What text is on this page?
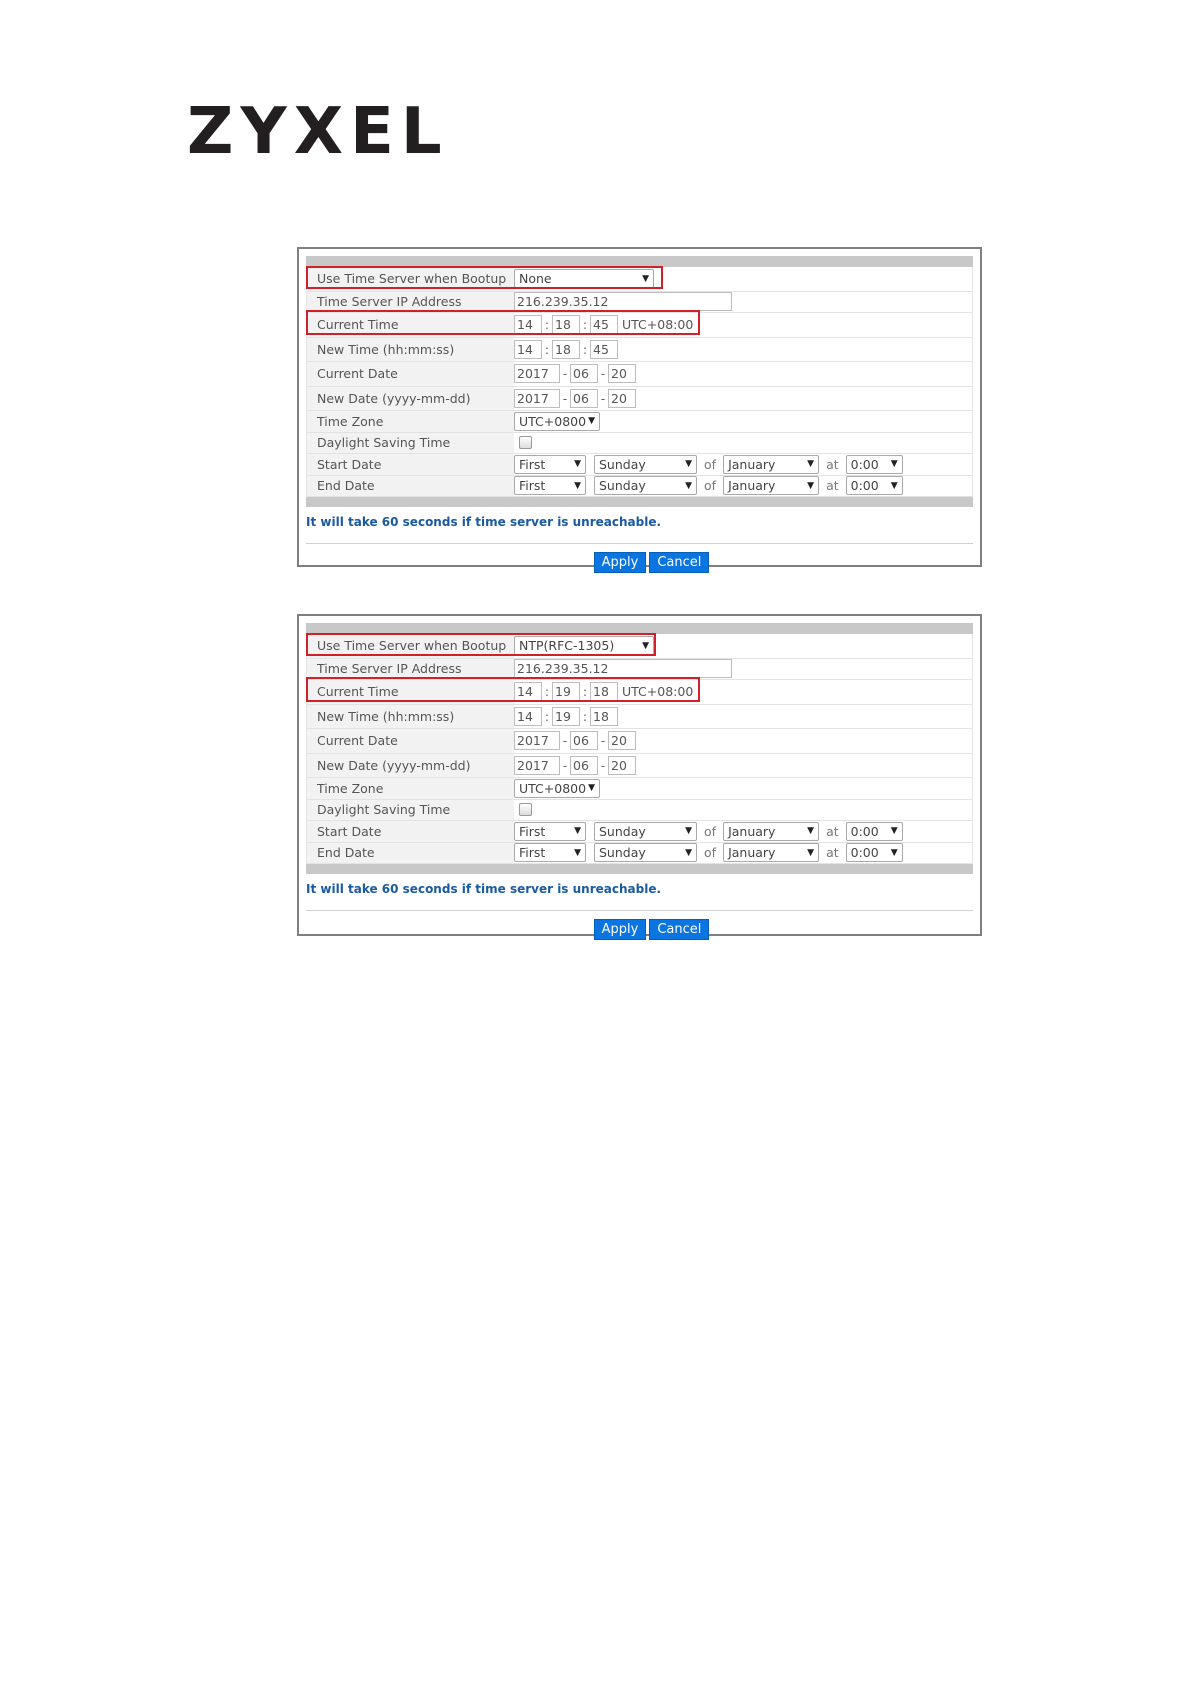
ZYXEL
Use Time Server when Bootup	None	▼
Time Server IP Address	216.239.35.12
Current Time	14 : 18 : 45	UTC+08:00
New Time (hh:mm:ss)	14 : 18 : 45
Current Date	2017	- 06 - 20
New Date (yyyy-mm-dd)	2017	- 06 - 20
Time Zone	UTC+0800 ▼
Daylight Saving Time
Start Date	First	▼ Sunday	▼ of January	▼ at 0:00 ▼
End Date	First	▼ Sunday	▼ of January	▼ at 0:00 ▼
It will take 60 seconds if time server is unreachable.
Apply	Cancel
Use Time Server when Bootup	NTP(RFC-1305)	▼
Time Server IP Address	216.239.35.12
Current Time	14 : 19 : 18	UTC+08:00
New Time (hh:mm:ss)	14 : 19 : 18
Current Date	2017	- 06 - 20
New Date (yyyy-mm-dd)	2017	- 06 - 20
Time Zone	UTC+0800 ▼
Daylight Saving Time
Start Date	First	▼ Sunday	▼ of January	▼ at 0:00 ▼
End Date	First	▼ Sunday	▼ of January	▼ at 0:00 ▼
It will take 60 seconds if time server is unreachable.
Apply	Cancel
